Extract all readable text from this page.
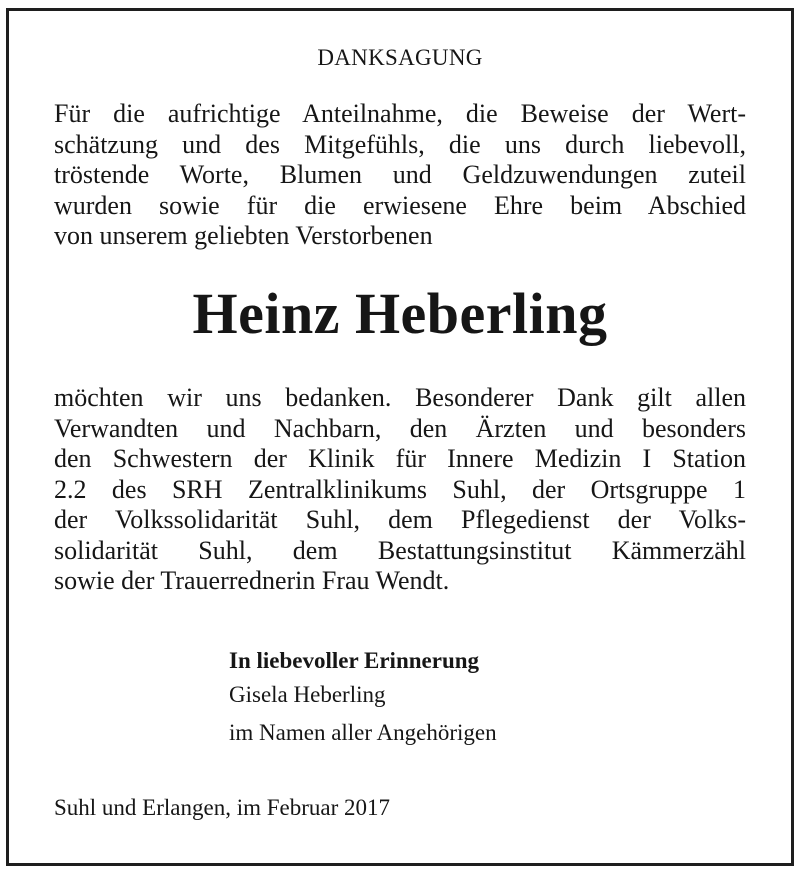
DANKSAGUNG
Für die aufrichtige Anteilnahme, die Beweise der Wert-
schätzung und des Mitgefühls, die uns durch liebevoll,
tröstende Worte, Blumen und Geldzuwendungen zuteil
wurden sowie für die erwiesene Ehre beim Abschied
von unserem geliebten Verstorbenen
Heinz Heberling
möchten wir uns bedanken. Besonderer Dank gilt allen
Verwandten und Nachbarn, den Ärzten und besonders
den Schwestern der Klinik für Innere Medizin I Station
2.2 des SRH Zentralklinikums Suhl, der Ortsgruppe 1
der Volkssolidarität Suhl, dem Pflegedienst der Volks-
solidarität Suhl, dem Bestattungsinstitut Kämmerzähl
sowie der Trauerrednerin Frau Wendt.
In liebevoller Erinnerung
Gisela Heberling
im Namen aller Angehörigen
Suhl und Erlangen, im Februar 2017
